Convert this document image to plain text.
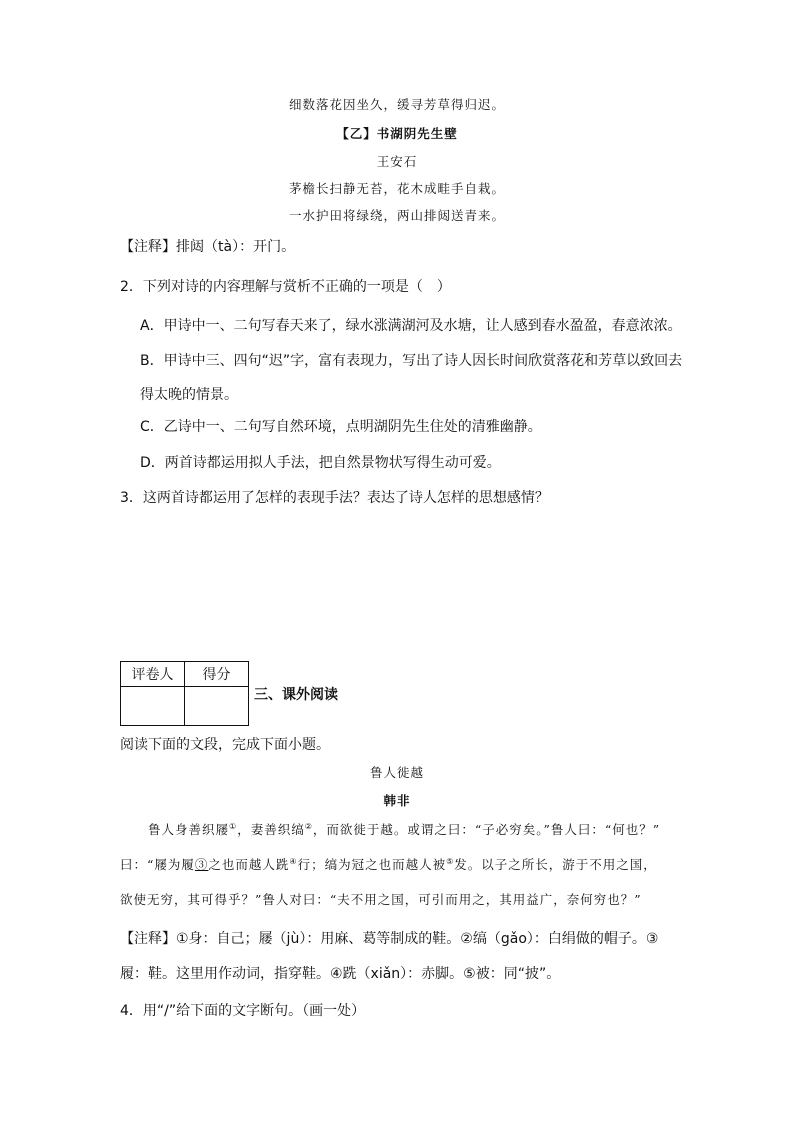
细数落花因坐久，缓寻芳草得归迟。
【乙】书湖阴先生壁
王安石
茅檐长扫静无苔，花木成畦手自栽。
一水护田将绿绕，两山排闼送青来。
【注释】排闼（tà）：开门。
2．下列对诗的内容理解与赏析不正确的一项是（　）
A．甲诗中一、二句写春天来了，绿水涨满湖河及水塘，让人感到春水盈盈，春意浓浓。
B．甲诗中三、四句“迟”字，富有表现力，写出了诗人因长时间欣赏落花和芳草以致回去
得太晚的情景。
C．乙诗中一、二句写自然环境，点明湖阴先生住处的清雅幽静。
D．两首诗都运用拟人手法，把自然景物状写得生动可爱。
3．这两首诗都运用了怎样的表现手法？表达了诗人怎样的思想感情？
评卷人	得分

三、课外阅读
阅读下面的文段，完成下面小题。
鲁人徙越
韩非
鲁人身善织屦①，妻善织缟②，而欲徙于越。或谓之曰：“子必穷矣。”鲁人曰：“何也？”
曰：“屦为履③之也而越人跣④行；缟为冠之也而越人被⑤发。以子之所长，游于不用之国，
欲使无穷，其可得乎？”鲁人对曰：“夫不用之国，可引而用之，其用益广，奈何穷也？”
【注释】①身：自己；屦（jù）：用麻、葛等制成的鞋。②缟（gǎo）：白绢做的帽子。③
履：鞋。这里用作动词，指穿鞋。④跣（xiǎn）：赤脚。⑤被：同“披”。
4．用“/”给下面的文字断句。（画一处）
